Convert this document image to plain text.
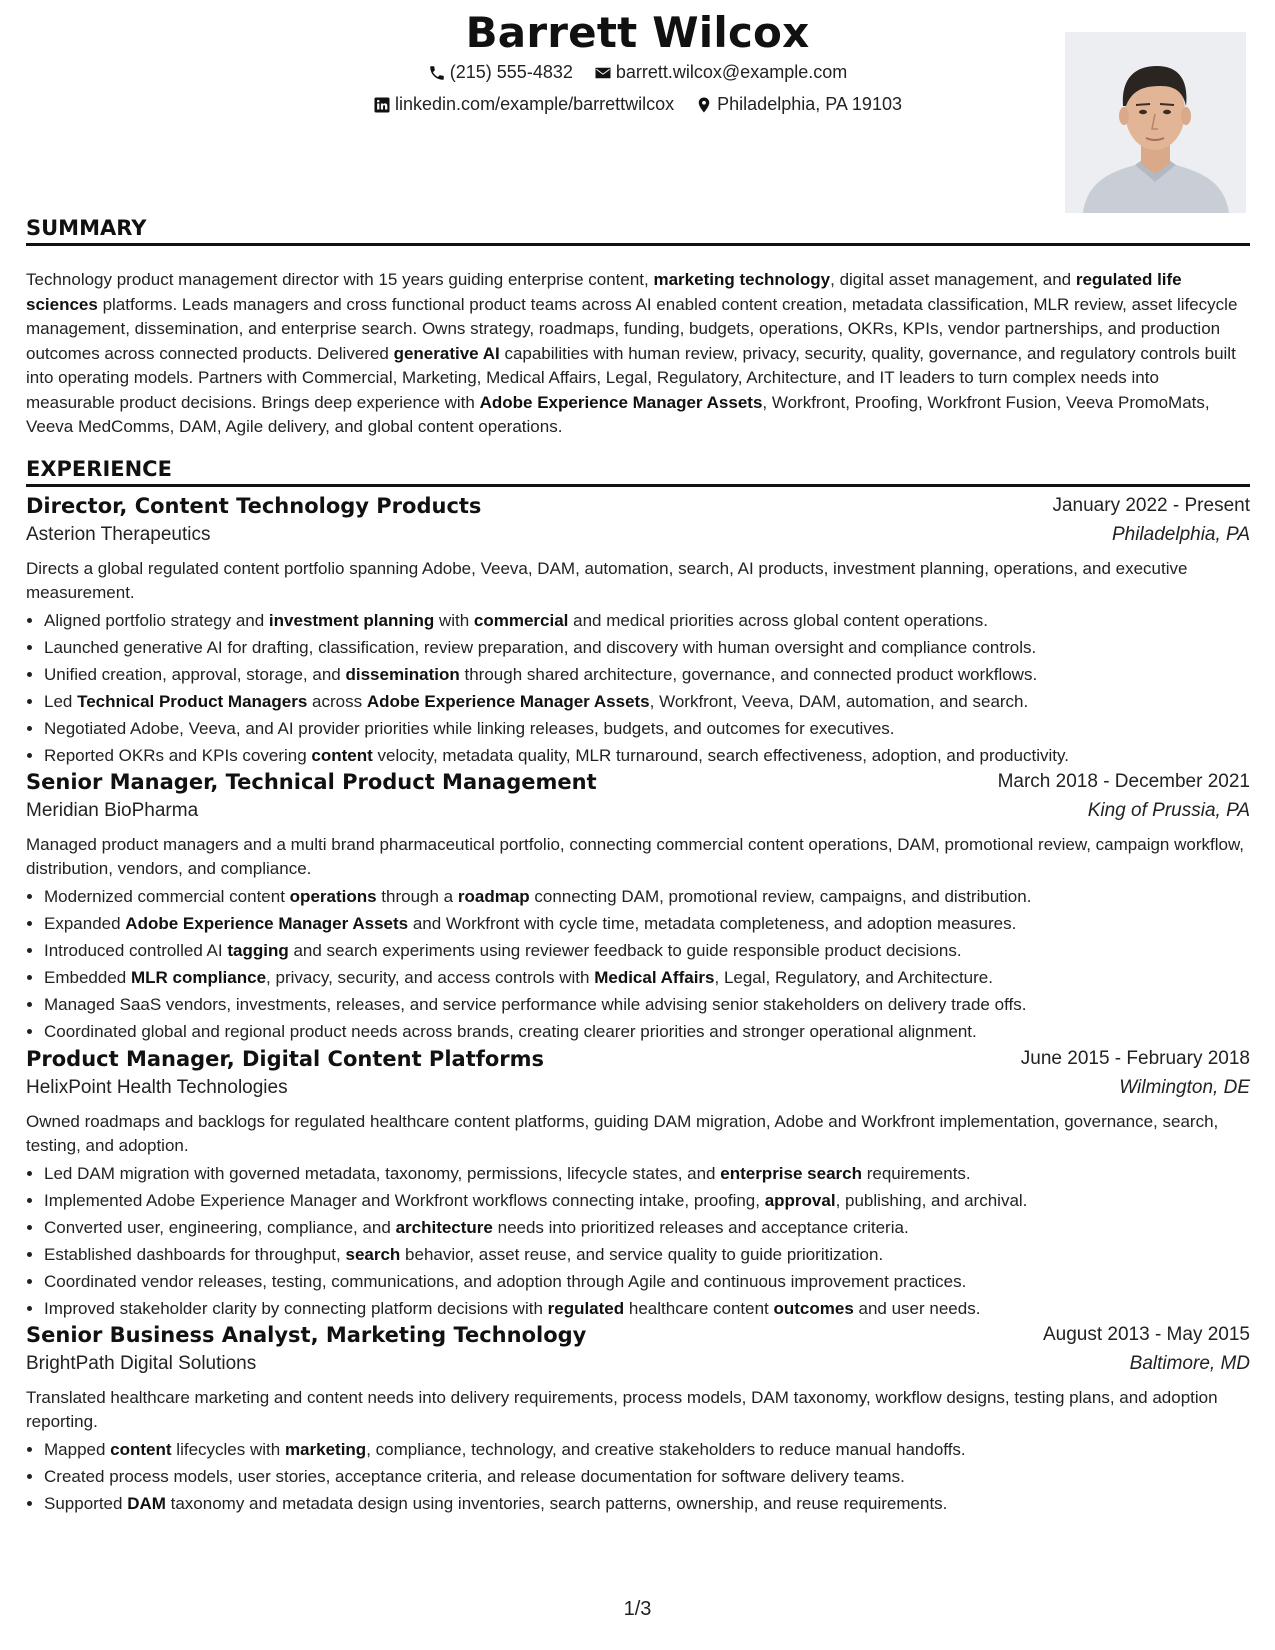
Barrett Wilcox
(215) 555-4832
barrett.wilcox@example.com
linkedin.com/example/barrettwilcox
Philadelphia, PA 19103
SUMMARY
Technology product management director with 15 years guiding enterprise content, marketing technology, digital asset management, and regulated life sciences platforms. Leads managers and cross functional product teams across AI enabled content creation, metadata classification, MLR review, asset lifecycle management, dissemination, and enterprise search. Owns strategy, roadmaps, funding, budgets, operations, OKRs, KPIs, vendor partnerships, and production outcomes across connected products. Delivered generative AI capabilities with human review, privacy, security, quality, governance, and regulatory controls built into operating models. Partners with Commercial, Marketing, Medical Affairs, Legal, Regulatory, Architecture, and IT leaders to turn complex needs into measurable product decisions. Brings deep experience with Adobe Experience Manager Assets, Workfront, Proofing, Workfront Fusion, Veeva PromoMats, Veeva MedComms, DAM, Agile delivery, and global content operations.
EXPERIENCE
Director, Content Technology Products	January 2022 - Present
Asterion Therapeutics	Philadelphia, PA
Directs a global regulated content portfolio spanning Adobe, Veeva, DAM, automation, search, AI products, investment planning, operations, and executive measurement.
• Aligned portfolio strategy and investment planning with commercial and medical priorities across global content operations.
• Launched generative AI for drafting, classification, review preparation, and discovery with human oversight and compliance controls.
• Unified creation, approval, storage, and dissemination through shared architecture, governance, and connected product workflows.
• Led Technical Product Managers across Adobe Experience Manager Assets, Workfront, Veeva, DAM, automation, and search.
• Negotiated Adobe, Veeva, and AI provider priorities while linking releases, budgets, and outcomes for executives.
• Reported OKRs and KPIs covering content velocity, metadata quality, MLR turnaround, search effectiveness, adoption, and productivity.
Senior Manager, Technical Product Management	March 2018 - December 2021
Meridian BioPharma	King of Prussia, PA
Managed product managers and a multi brand pharmaceutical portfolio, connecting commercial content operations, DAM, promotional review, campaign workflow, distribution, vendors, and compliance.
• Modernized commercial content operations through a roadmap connecting DAM, promotional review, campaigns, and distribution.
• Expanded Adobe Experience Manager Assets and Workfront with cycle time, metadata completeness, and adoption measures.
• Introduced controlled AI tagging and search experiments using reviewer feedback to guide responsible product decisions.
• Embedded MLR compliance, privacy, security, and access controls with Medical Affairs, Legal, Regulatory, and Architecture.
• Managed SaaS vendors, investments, releases, and service performance while advising senior stakeholders on delivery trade offs.
• Coordinated global and regional product needs across brands, creating clearer priorities and stronger operational alignment.
Product Manager, Digital Content Platforms	June 2015 - February 2018
HelixPoint Health Technologies	Wilmington, DE
Owned roadmaps and backlogs for regulated healthcare content platforms, guiding DAM migration, Adobe and Workfront implementation, governance, search, testing, and adoption.
• Led DAM migration with governed metadata, taxonomy, permissions, lifecycle states, and enterprise search requirements.
• Implemented Adobe Experience Manager and Workfront workflows connecting intake, proofing, approval, publishing, and archival.
• Converted user, engineering, compliance, and architecture needs into prioritized releases and acceptance criteria.
• Established dashboards for throughput, search behavior, asset reuse, and service quality to guide prioritization.
• Coordinated vendor releases, testing, communications, and adoption through Agile and continuous improvement practices.
• Improved stakeholder clarity by connecting platform decisions with regulated healthcare content outcomes and user needs.
Senior Business Analyst, Marketing Technology	August 2013 - May 2015
BrightPath Digital Solutions	Baltimore, MD
Translated healthcare marketing and content needs into delivery requirements, process models, DAM taxonomy, workflow designs, testing plans, and adoption reporting.
• Mapped content lifecycles with marketing, compliance, technology, and creative stakeholders to reduce manual handoffs.
• Created process models, user stories, acceptance criteria, and release documentation for software delivery teams.
• Supported DAM taxonomy and metadata design using inventories, search patterns, ownership, and reuse requirements.
1/3
